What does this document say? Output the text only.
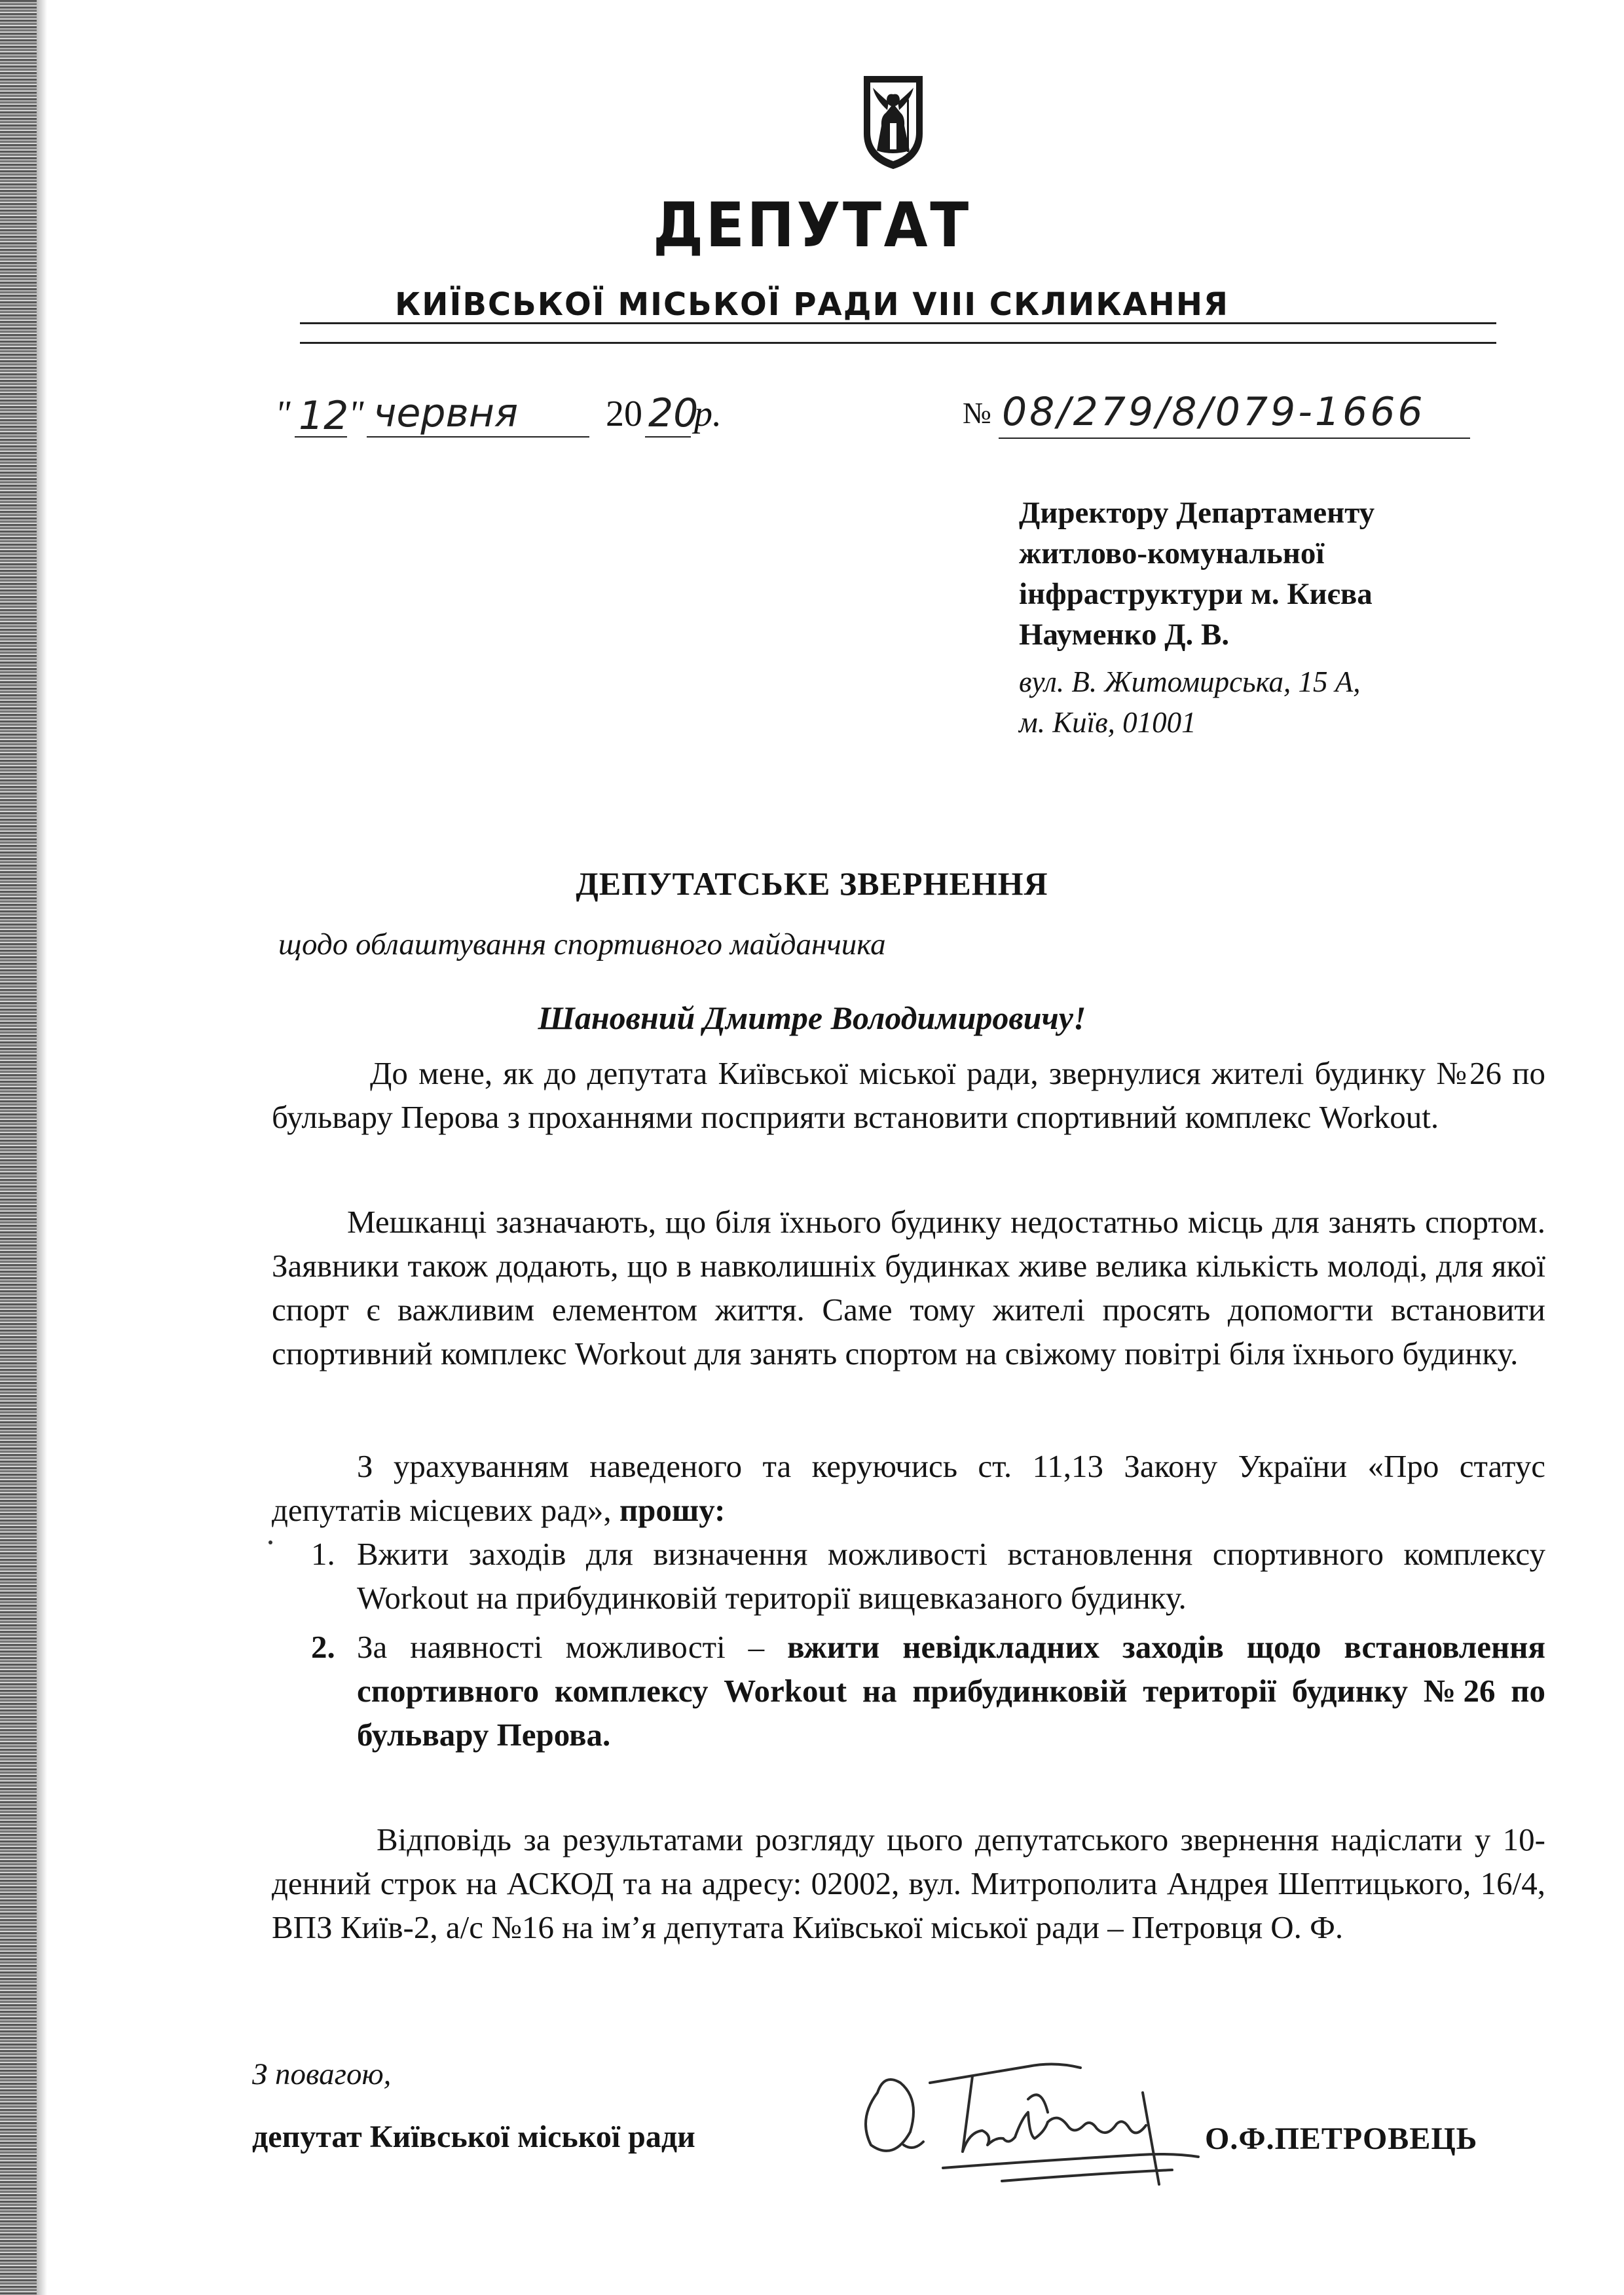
ДЕПУТАТ
КИЇВСЬКОЇ МІСЬКОЇ РАДИ VIII СКЛИКАННЯ
" 12 " червня 20 20
р.	№ 08/279/8/079-1666
Директору Департаменту
житлово-комунальної
інфраструктури м. Києва
Науменко Д. В.
вул. В. Житомирська, 15 А,
м. Київ, 01001
ДЕПУТАТСЬКЕ ЗВЕРНЕННЯ
щодо облаштування спортивного майданчика
Шановний Дмитре Володимировичу!
До мене, як до депутата Київської міської ради, звернулися жителі будинку №26 по бульвару Перова з проханнями посприяти встановити спортивний комплекс Workout.
Мешканці зазначають, що біля їхнього будинку недостатньо місць для занять спортом. Заявники також додають, що в навколишніх будинках живе велика кількість молоді, для якої спорт є важливим елементом життя. Саме тому жителі просять допомогти встановити спортивний комплекс Workout для занять спортом на свіжому повітрі біля їхнього будинку.
З урахуванням наведеного та керуючись ст. 11,13 Закону України «Про статус депутатів місцевих рад», прошу:
1. Вжити заходів для визначення можливості встановлення спортивного комплексу Workout на прибудинковій території вищевказаного будинку.
2. За наявності можливості – вжити невідкладних заходів щодо встановлення спортивного комплексу Workout на прибудинковій території будинку №26 по бульвару Перова.
Відповідь за результатами розгляду цього депутатського звернення надіслати у 10-денний строк на АСКОД та на адресу: 02002, вул. Митрополита Андрея Шептицького, 16/4, ВПЗ Київ-2, а/с №16 на ім’я депутата Київської міської ради – Петровця О. Ф.
З повагою,
депутат Київської міської ради	О.Ф.ПЕТРОВЕЦЬ
